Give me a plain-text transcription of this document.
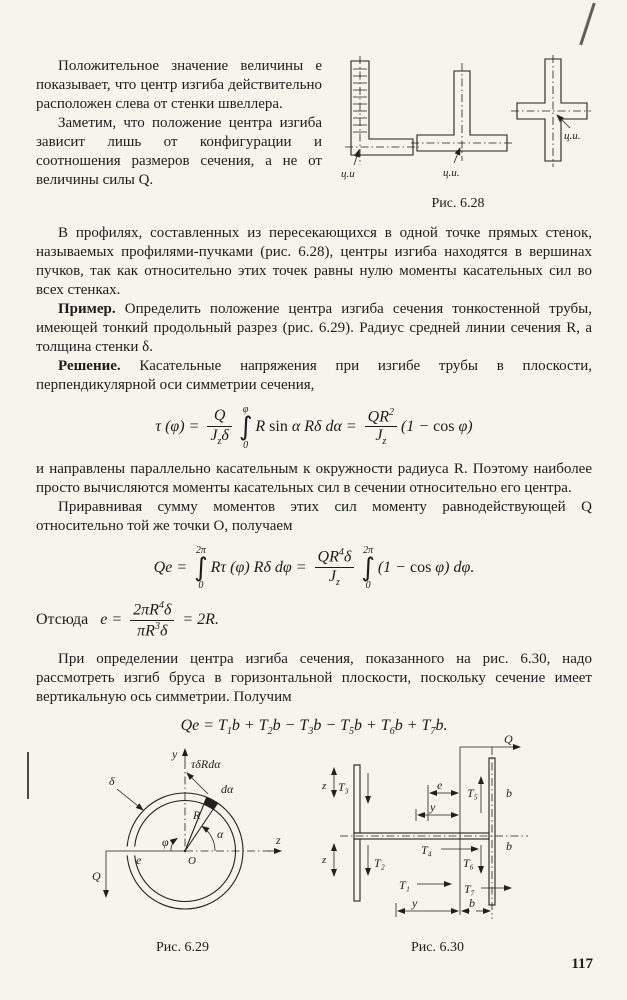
Положительное значение величины e показывает, что центр изгиба действительно расположен слева от стенки швеллера.

Заметим, что положение центра изгиба зависит лишь от конфигурации и соотношения размеров сечения, а не от величины силы Q.	ц.и	ц.и.
ц.и.
Рис. 6.28

В профилях, составленных из пересекающихся в одной точке прямых стенок, называемых профилями-пучками (рис. 6.28), центры изгиба находятся в вершинах пучков, так как относительно этих точек равны нулю моменты касательных сил во всех стенках.

Пример. Определить положение центра изгиба сечения тонкостенной трубы, имеющей тонкий продольный разрез (рис. 6.29). Радиус средней линии сечения R, а толщина стенки δ.

Решение. Касательные напряжения при изгибе трубы в плоскости, перпендикулярной оси симметрии сечения,

τ $(\varphi) = \frac{Q}{J_z\delta}$ φ
∫
0
R sin α Rδ $d\alpha = \frac{QR^2}{J_z} (1 - \cos \varphi)$

и направлены параллельно касательным к окружности радиуса R. Поэтому наиболее просто вычисляются моменты касательных сил в сечении относительно его центра.

Приравнивая сумму моментов этих сил моменту равнодействующей Q относительно той же точки O, получаем

Qe =
2π
∫
0
Rτ (φ) Rδ $d\varphi = \frac{QR^4\delta}{J_z} 2\pi$
∫
0
(1 − cos φ) dφ.
Отсюда   $e = \frac{2\pi R^4\delta}{\pi R^3\delta} = 2R$.

При определении центра изгиба сечения, показанного на рис. 6.30, надо рассмотреть изгиб бруса в горизонтальной плоскости, поскольку сечение имеет вертикальную ось симметрии. Получим

$Qe = T_1b + T_2b - T_3b - T_5b + T_6b + T_7b$.
y
z
Q
e
τδRdα
dα
R
α
φ
δ
O
Рис. 6.29
Q
e
y
T₃
z	T₅ b
T₄
T₂	T₆
T₁	T₇
b
z
y	b
Рис. 6.30
117
